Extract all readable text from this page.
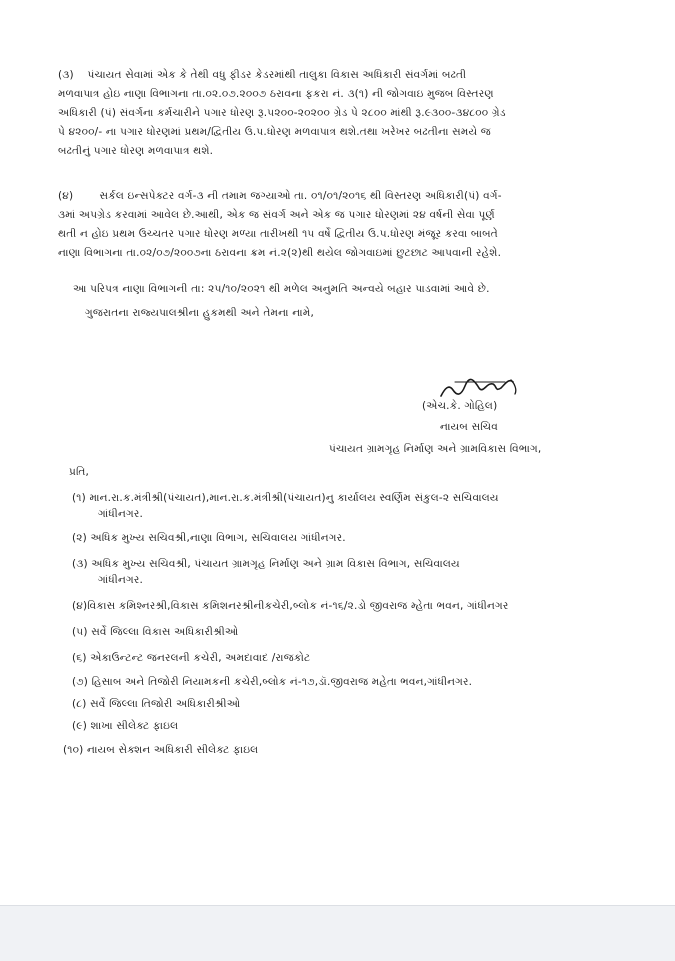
(૩) પંચાયત સેવામાં એક કે તેથી વધુ ફીડર કેડરમાંથી તાલુકા વિકાસ અધિકારી સંવર્ગમાં બઢતી
મળવાપાત્ર હોઇ નાણા વિભાગના તા.૦૨.૦૭.૨૦૦૭ ઠરાવના ફકરા નં. ૩(૧) ની જોગવાઇ મુજબ વિસ્તરણ
અધિકારી (પં) સંવર્ગના કર્મચારીને પગાર ધોરણ રૂ.૫૨૦૦-૨૦૨૦૦ ગ્રેડ પે ૨૮૦૦ માંથી રૂ.૯૩૦૦-૩૪૮૦૦ ગ્રેડ
પે ૪૨૦૦/- ના પગાર ધોરણમાં પ્રથમ/દ્વિતીય ઉ.પ.ધોરણ મળવાપાત્ર થશે.તથા ખરેખર બઢતીના સમયે જ
બઢતીનું પગાર ધોરણ મળવાપાત્ર થશે.
(૪) સર્કલ ઇન્સપેક્ટર વર્ગ-૩ ની તમામ જગ્યાઓ તા. ૦૧/૦૧/૨૦૧૬ થી વિસ્તરણ અધિકારી(પં) વર્ગ-
૩માં અપગ્રેડ કરવામાં આવેલ છે.આથી, એક જ સંવર્ગ અને એક જ પગાર ધોરણમાં ૨૪ વર્ષની સેવા પૂર્ણ
થતી ન હોઇ પ્રથમ ઉચ્ચતર પગાર ધોરણ મળ્યા તારીખથી ૧૫ વર્ષે દ્વિતીય ઉ.પ.ધોરણ મંજૂર કરવા બાબતે
નાણા વિભાગના તા.૦૨/૦૭/૨૦૦૭ના ઠરાવના ક્રમ નં.૨(૨)થી થયેલ જોગવાઇમાં છુટછાટ આપવાની રહેશે.
આ પરિપત્ર નાણા વિભાગની તા: ૨૫/૧૦/૨૦૨૧ થી મળેલ અનુમતિ અન્વયે બહાર પાડવામાં આવે છે.
ગુજરાતના રાજ્યપાલશ્રીના હુકમથી અને તેમના નામે,
(એચ.કે. ગોહિલ)
નાયબ સચિવ
પંચાયત ગ્રામગૃહ નિર્માણ અને ગ્રામવિકાસ વિભાગ,
પ્રતિ,
(૧) માન.રા.ક.મંત્રીશ્રી(પંચાયત),માન.રા.ક.મંત્રીશ્રી(પંચાયત)નુ કાર્યાલય સ્વર્ણિમ સંકુલ-૨ સચિવાલય
ગાંધીનગર.
(૨) અધિક મુખ્ય સચિવશ્રી,નાણા વિભાગ, સચિવાલય ગાંધીનગર.
(૩) અધિક મુખ્ય સચિવશ્રી, પંચાયત ગ્રામગૃહ નિર્માણ અને ગ્રામ વિકાસ વિભાગ, સચિવાલય
ગાંધીનગર.
(૪)વિકાસ કમિશ્નરશ્રી,વિકાસ કમિશનરશ્રીનીકચેરી,બ્લોક નં-૧૬/૨.ડો જીવરાજ મ્હેતા ભવન, ગાંધીનગર
(૫) સર્વે જિલ્લા વિકાસ અધિકારીશ્રીઓ
(૬) એકાઉન્ટન્ટ જનરલની કચેરી, અમદાવાદ /રાજકોટ
(૭) હિસાબ અને તિજોરી નિયામકની કચેરી,બ્લોક નં-૧૭,ડૉ.જીવરાજ મહેતા ભવન,ગાંધીનગર.
(૮) સર્વે જિલ્લા તિજોરી અધિકારીશ્રીઓ
(૯) શાખા સીલેક્ટ ફાઇલ
(૧૦) નાયબ સેક્શન અધિકારી સીલેક્ટ ફાઇલ
